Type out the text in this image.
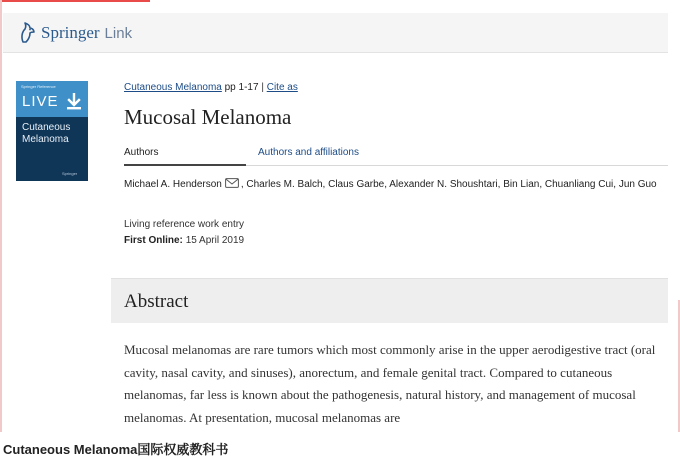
Springer Link
Springer Reference
LIVE
Cutaneous
Melanoma
Springer
Cutaneous Melanoma pp 1-17 | Cite as
Mucosal Melanoma
Authors	Authors and affiliations
Michael A. Henderson , Charles M. Balch, Claus Garbe, Alexander N. Shoushtari, Bin Lian, Chuanliang Cui, Jun Guo
Living reference work entry
First Online: 15 April 2019
Abstract

Mucosal melanomas are rare tumors which most commonly arise in the upper aerodigestive tract (oral cavity, nasal cavity, and sinuses), anorectum, and female genital tract. Compared to cutaneous melanomas, far less is known about the pathogenesis, natural history, and management of mucosal melanomas. At presentation, mucosal melanomas are

Cutaneous Melanoma国际权威教科书
